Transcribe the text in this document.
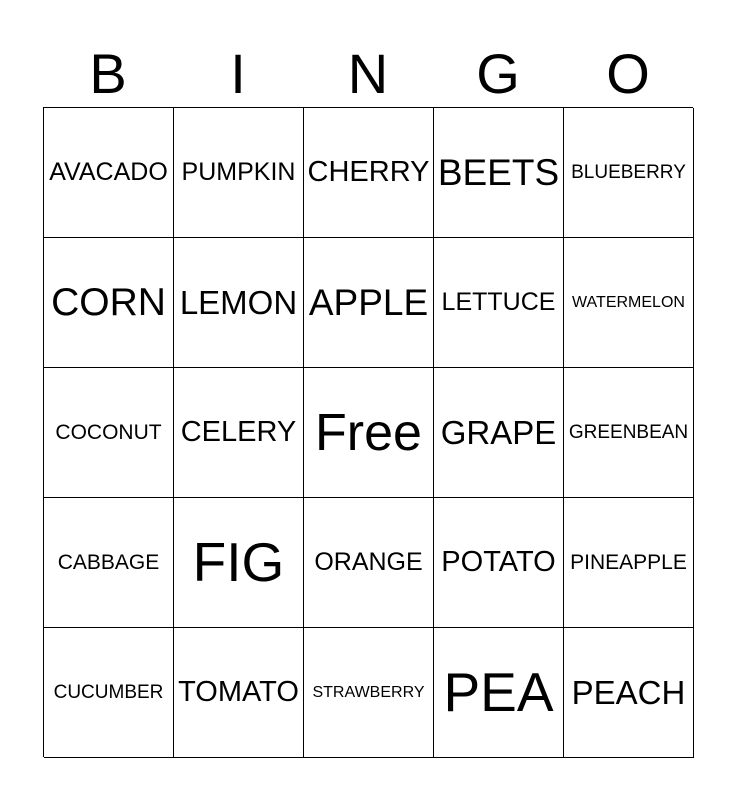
B	I	N	G	O
AVACADO PUMPKIN CHERRY BEETS BLUEBERRY
CORN LEMON APPLE LETTUCE	WATERMELON
COCONUT CELERY Free GRAPE GREENBEAN
CABBAGE FIG	ORANGE POTATO PINEAPPLE
CUCUMBER TOMATO STRAWBERRY PEA PEACH
